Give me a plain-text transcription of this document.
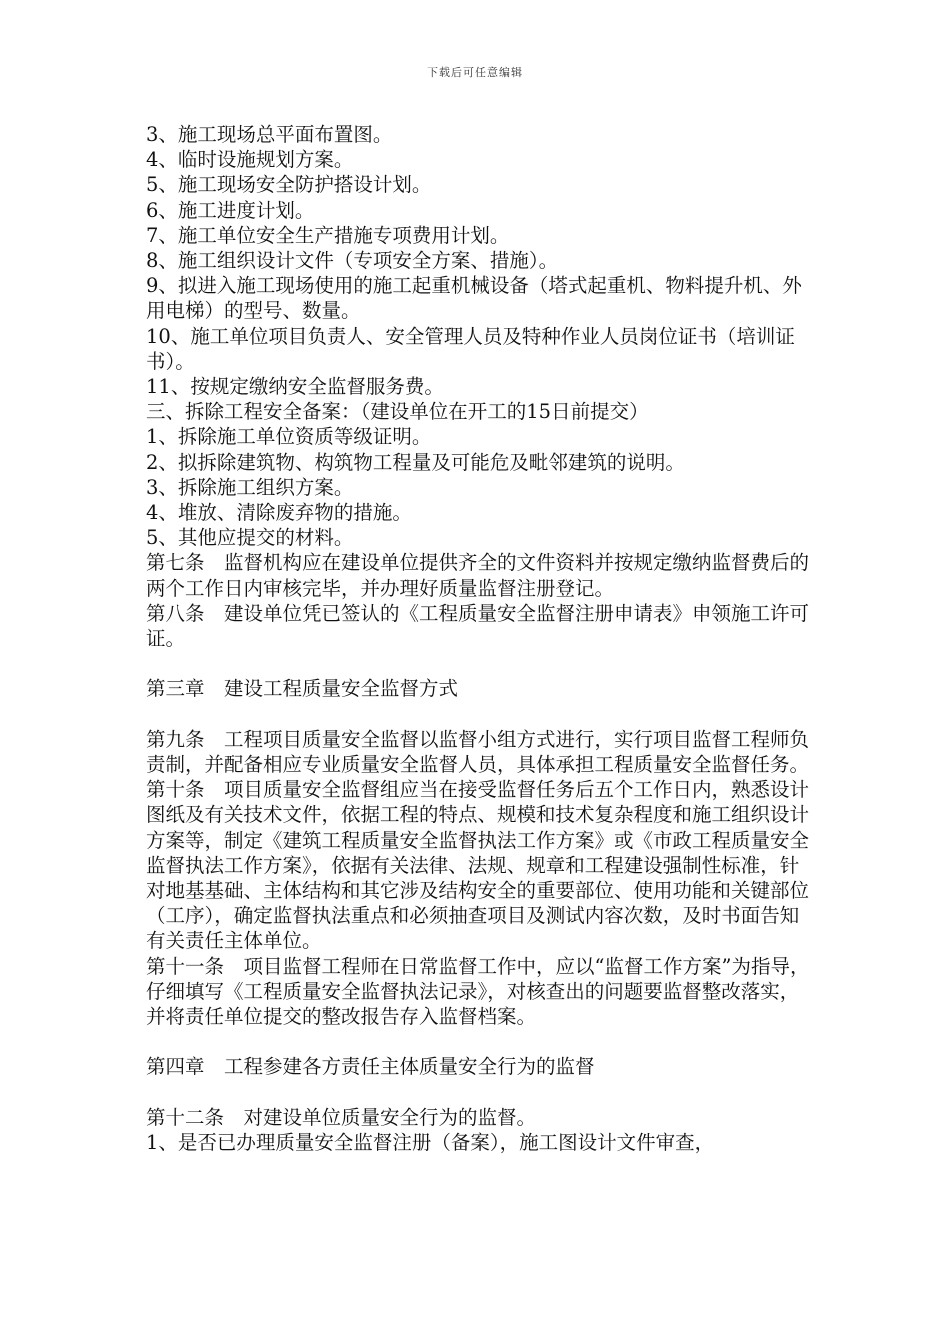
下载后可任意编辑

3、施工现场总平面布置图。

4、临时设施规划方案。

5、施工现场安全防护搭设计划。

6、施工进度计划。

7、施工单位安全生产措施专项费用计划。

8、施工组织设计文件（专项安全方案、措施）。

9、拟进入施工现场使用的施工起重机械设备（塔式起重机、物料提升机、外用电梯）的型号、数量。

10、施工单位项目负责人、安全管理人员及特种作业人员岗位证书（培训证书）。

11、按规定缴纳安全监督服务费。

三、拆除工程安全备案：（建设单位在开工的15日前提交）

1、拆除施工单位资质等级证明。

2、拟拆除建筑物、构筑物工程量及可能危及毗邻建筑的说明。

3、拆除施工组织方案。

4、堆放、清除废弃物的措施。

5、其他应提交的材料。

第七条　监督机构应在建设单位提供齐全的文件资料并按规定缴纳监督费后的两个工作日内审核完毕，并办理好质量监督注册登记。

第八条　建设单位凭已签认的《工程质量安全监督注册申请表》申领施工许可证。

第三章　建设工程质量安全监督方式

第九条　工程项目质量安全监督以监督小组方式进行，实行项目监督工程师负责制，并配备相应专业质量安全监督人员，具体承担工程质量安全监督任务。

第十条　项目质量安全监督组应当在接受监督任务后五个工作日内，熟悉设计图纸及有关技术文件，依据工程的特点、规模和技术复杂程度和施工组织设计方案等，制定《建筑工程质量安全监督执法工作方案》或《市政工程质量安全监督执法工作方案》，依据有关法律、法规、规章和工程建设强制性标准，针对地基基础、主体结构和其它涉及结构安全的重要部位、使用功能和关键部位（工序），确定监督执法重点和必须抽查项目及测试内容次数，及时书面告知有关责任主体单位。

第十一条　项目监督工程师在日常监督工作中，应以“监督工作方案”为指导，仔细填写《工程质量安全监督执法记录》，对核查出的问题要监督整改落实，并将责任单位提交的整改报告存入监督档案。

第四章　工程参建各方责任主体质量安全行为的监督

第十二条　对建设单位质量安全行为的监督。

1、是否已办理质量安全监督注册（备案），施工图设计文件审查，
